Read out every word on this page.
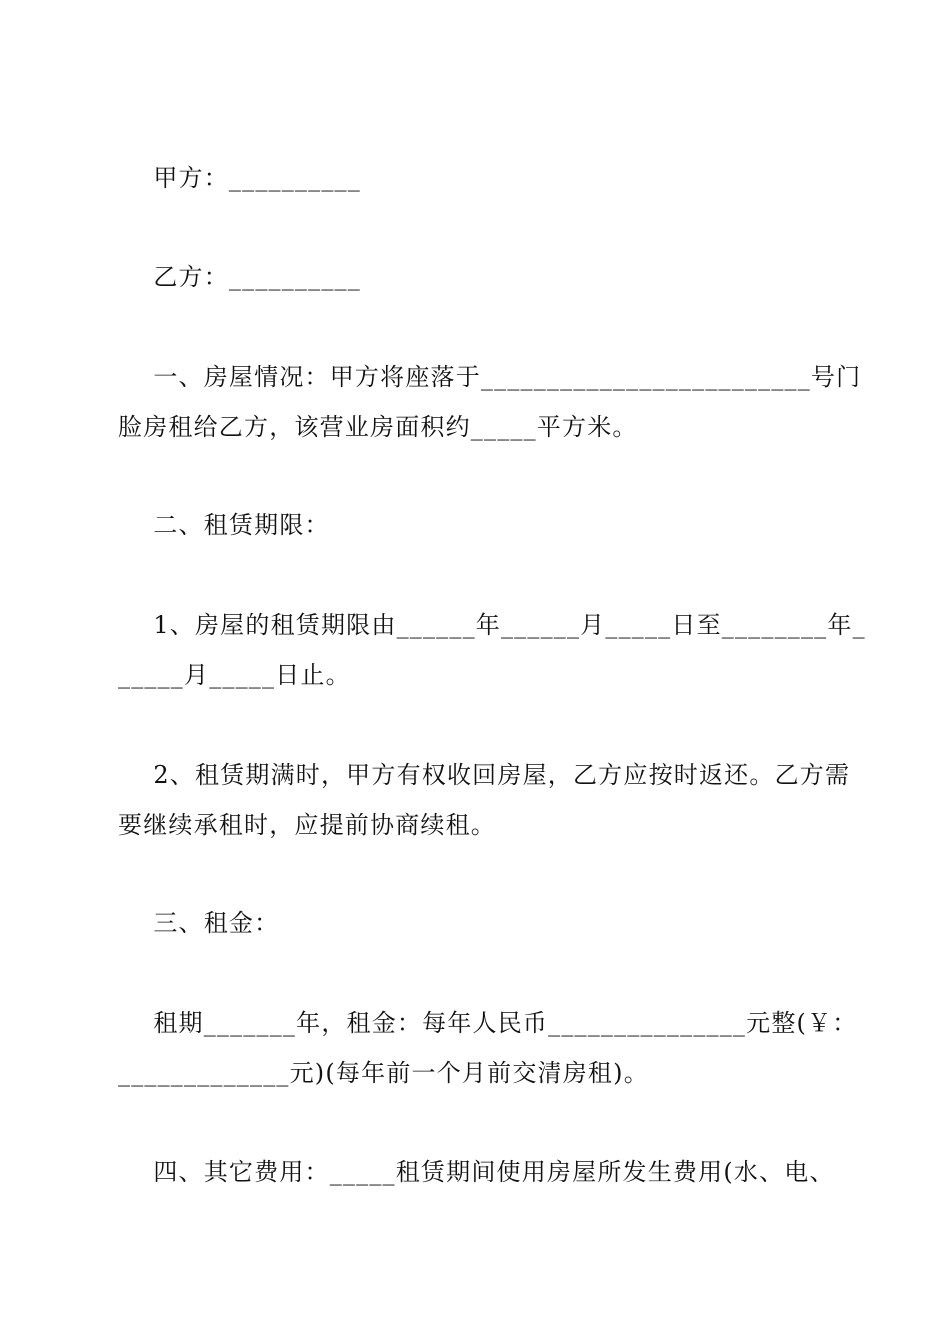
甲方：__________
乙方：__________
一、房屋情况：甲方将座落于_________________________号门
脸房租给乙方，该营业房面积约_____平方米。
二、租赁期限：
1、房屋的租赁期限由______年______月_____日至________年_
_____月_____日止。
2、租赁期满时，甲方有权收回房屋，乙方应按时返还。乙方需
要继续承租时，应提前协商续租。
三、租金：
租期_______年，租金：每年人民币_______________元整(￥：
_____________元)(每年前一个月前交清房租)。
四、其它费用：_____租赁期间使用房屋所发生费用(水、电、
